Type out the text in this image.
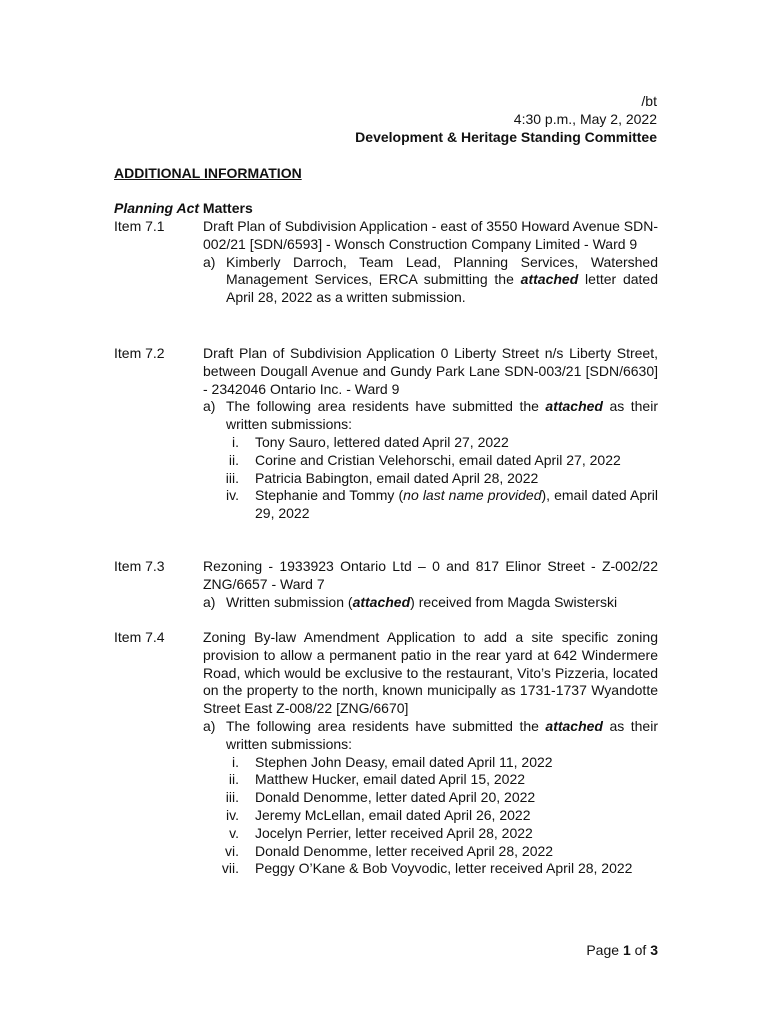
/bt
4:30 p.m., May 2, 2022
Development & Heritage Standing Committee
ADDITIONAL INFORMATION
Planning Act Matters
Item 7.1	Draft Plan of Subdivision Application - east of 3550 Howard Avenue SDN-002/21 [SDN/6593] - Wonsch Construction Company Limited - Ward 9
a) Kimberly Darroch, Team Lead, Planning Services, Watershed Management Services, ERCA submitting the attached letter dated April 28, 2022 as a written submission.
Item 7.2	Draft Plan of Subdivision Application 0 Liberty Street n/s Liberty Street, between Dougall Avenue and Gundy Park Lane SDN-003/21 [SDN/6630] - 2342046 Ontario Inc. - Ward 9
a) The following area residents have submitted the attached as their written submissions:
i.	Tony Sauro, lettered dated April 27, 2022
ii.	Corine and Cristian Velehorschi, email dated April 27, 2022
iii.	Patricia Babington, email dated April 28, 2022
iv.	Stephanie and Tommy (no last name provided), email dated April 29, 2022
Item 7.3	Rezoning - 1933923 Ontario Ltd – 0 and 817 Elinor Street - Z-002/22 ZNG/6657 - Ward 7
a) Written submission (attached) received from Magda Swisterski
Item 7.4	Zoning By-law Amendment Application to add a site specific zoning provision to allow a permanent patio in the rear yard at 642 Windermere Road, which would be exclusive to the restaurant, Vito’s Pizzeria, located on the property to the north, known municipally as 1731-1737 Wyandotte Street East Z-008/22 [ZNG/6670]
a) The following area residents have submitted the attached as their written submissions:
i.	Stephen John Deasy, email dated April 11, 2022
ii.	Matthew Hucker, email dated April 15, 2022
iii.	Donald Denomme, letter dated April 20, 2022
iv.	Jeremy McLellan, email dated April 26, 2022
v.	Jocelyn Perrier, letter received April 28, 2022
vi.	Donald Denomme, letter received April 28, 2022
vii.	Peggy O’Kane & Bob Voyvodic, letter received April 28, 2022
Page 1 of 3
